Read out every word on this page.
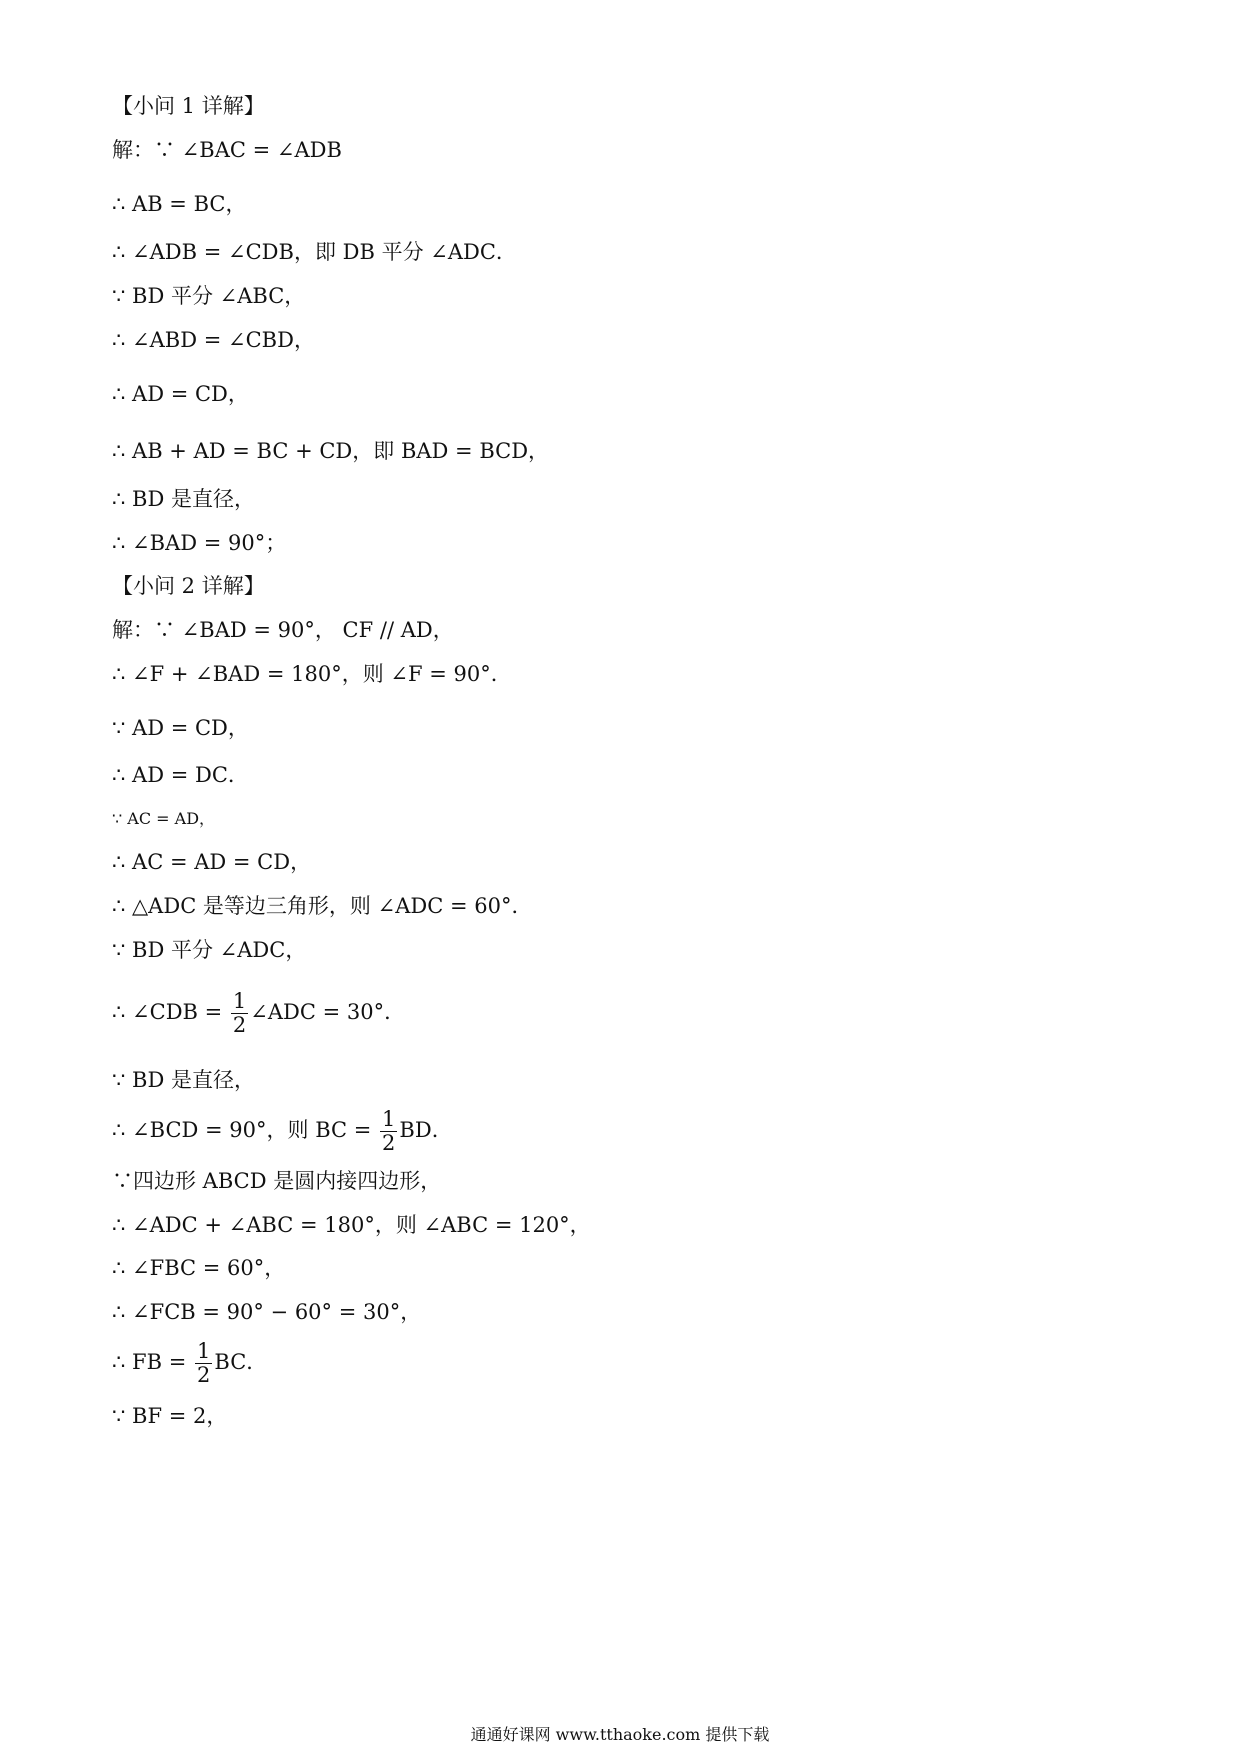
【小问 1 详解】
解：∵ ∠BAC = ∠ADB
∴ AB = BC，
∴ ∠ADB = ∠CDB，即 DB 平分 ∠ADC．
∵ BD 平分 ∠ABC，
∴ ∠ABD = ∠CBD，
∴ AD = CD，
∴ AB + AD = BC + CD，即 BAD = BCD，
∴ BD 是直径，
∴ ∠BAD = 90°；
【小问 2 详解】
解：∵ ∠BAD = 90°， CF // AD，
∴ ∠F + ∠BAD = 180°，则 ∠F = 90°．
∵ AD = CD，
∴ AD = DC．
∵ AC = AD，
∴ AC = AD = CD，
∴ △ADC 是等边三角形，则 ∠ADC = 60°．
∵ BD 平分 ∠ADC，
∴ ∠CDB = $\frac{1}{2}$ ∠ADC = 30°．
∵ BD 是直径，
∴ ∠BCD = 90°，则 BC = $\frac{1}{2}$ BD．
∵四边形 ABCD 是圆内接四边形，
∴ ∠ADC + ∠ABC = 180°，则 ∠ABC = 120°，
∴ ∠FBC = 60°，
∴ ∠FCB = 90° − 60° = 30°，
∴ FB = $\frac{1}{2}$ BC．
∵ BF = 2，
通通好课网 www.tthaoke.com 提供下载
